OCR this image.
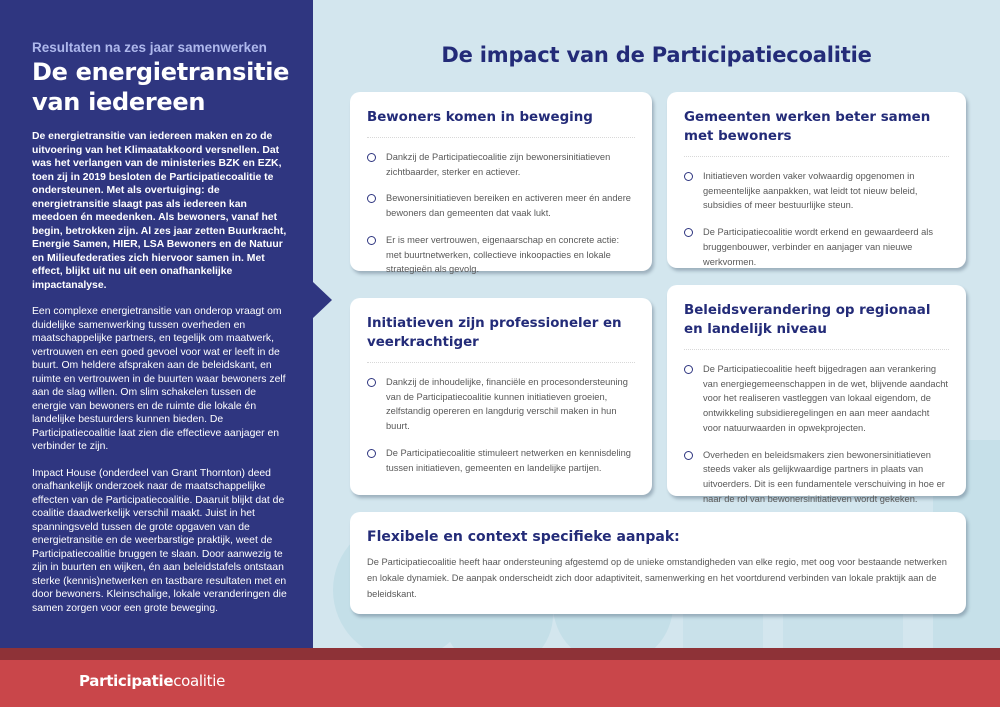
Resultaten na zes jaar samenwerken
De energietransitie van iedereen

De energietransitie van iedereen maken en zo de uitvoering van het Klimaatakkoord versnellen. Dat was het verlangen van de ministeries BZK en EZK, toen zij in 2019 besloten de Participatiecoalitie te ondersteunen. Met als overtuiging: de energietransitie slaagt pas als iedereen kan meedoen én meedenken. Als bewoners, vanaf het begin, betrokken zijn. Al zes jaar zetten Buurkracht, Energie Samen, HIER, LSA Bewoners en de Natuur en Milieufederaties zich hiervoor samen in. Met effect, blijkt uit nu uit een onafhankelijke impactanalyse.

Een complexe energietransitie van onderop vraagt om duidelijke samenwerking tussen overheden en maatschappelijke partners, en tegelijk om maatwerk, vertrouwen en een goed gevoel voor wat er leeft in de buurt. Om heldere afspraken aan de beleidskant, en ruimte en vertrouwen in de buurten waar bewoners zelf aan de slag willen. Om slim schakelen tussen de energie van bewoners en de ruimte die lokale én landelijke bestuurders kunnen bieden. De Participatiecoalitie laat zien die effectieve aanjager en verbinder te zijn.

Impact House (onderdeel van Grant Thornton) deed onafhankelijk onderzoek naar de maatschappelijke effecten van de Participatiecoalitie. Daaruit blijkt dat de coalitie daadwerkelijk verschil maakt. Juist in het spanningsveld tussen de grote opgaven van de energietransitie en de weerbarstige praktijk, weet de Participatiecoalitie bruggen te slaan. Door aanwezig te zijn in buurten en wijken, én aan beleidstafels ontstaan sterke (kennis)netwerken en tastbare resultaten met en door bewoners. Kleinschalige, lokale veranderingen die samen zorgen voor een grote beweging.

De impact van de Participatiecoalitie
Bewoners komen in beweging
Dankzij de Participatiecoalitie zijn bewonersinitiatieven zichtbaarder, sterker en actiever.
Bewonersinitiatieven bereiken en activeren meer én andere bewoners dan gemeenten dat vaak lukt.
Er is meer vertrouwen, eigenaarschap en concrete actie: met buurtnetwerken, collectieve inkoopacties en lokale strategieën als gevolg.
Gemeenten werken beter samen met bewoners
Initiatieven worden vaker volwaardig opgenomen in gemeentelijke aanpakken, wat leidt tot nieuw beleid, subsidies of meer bestuurlijke steun.
De Participatiecoalitie wordt erkend en gewaardeerd als bruggenbouwer, verbinder en aanjager van nieuwe werkvormen.
Initiatieven zijn professioneler en veerkrachtiger
Dankzij de inhoudelijke, financiële en procesondersteuning van de Participatiecoalitie kunnen initiatieven groeien, zelfstandig opereren en langdurig verschil maken in hun buurt.
De Participatiecoalitie stimuleert netwerken en kennisdeling tussen initiatieven, gemeenten en landelijke partijen.
Beleidsverandering op regionaal en landelijk niveau
De Participatiecoalitie heeft bijgedragen aan verankering van energiegemeenschappen in de wet, blijvende aandacht voor het realiseren vastleggen van lokaal eigendom, de ontwikkeling subsidieregelingen en aan meer aandacht voor natuurwaarden in opwekprojecten.
Overheden en beleidsmakers zien bewonersinitiatieven steeds vaker als gelijkwaardige partners in plaats van uitvoerders. Dit is een fundamentele verschuiving in hoe er naar de rol van bewonersinitiatieven wordt gekeken.
Flexibele en context specifieke aanpak:

De Participatiecoalitie heeft haar ondersteuning afgestemd op de unieke omstandigheden van elke regio, met oog voor bestaande netwerken en lokale dynamiek. De aanpak onderscheidt zich door adaptiviteit, samenwerking en het voortdurend verbinden van lokale praktijk aan de beleidskant.

Participatiecoalitie
